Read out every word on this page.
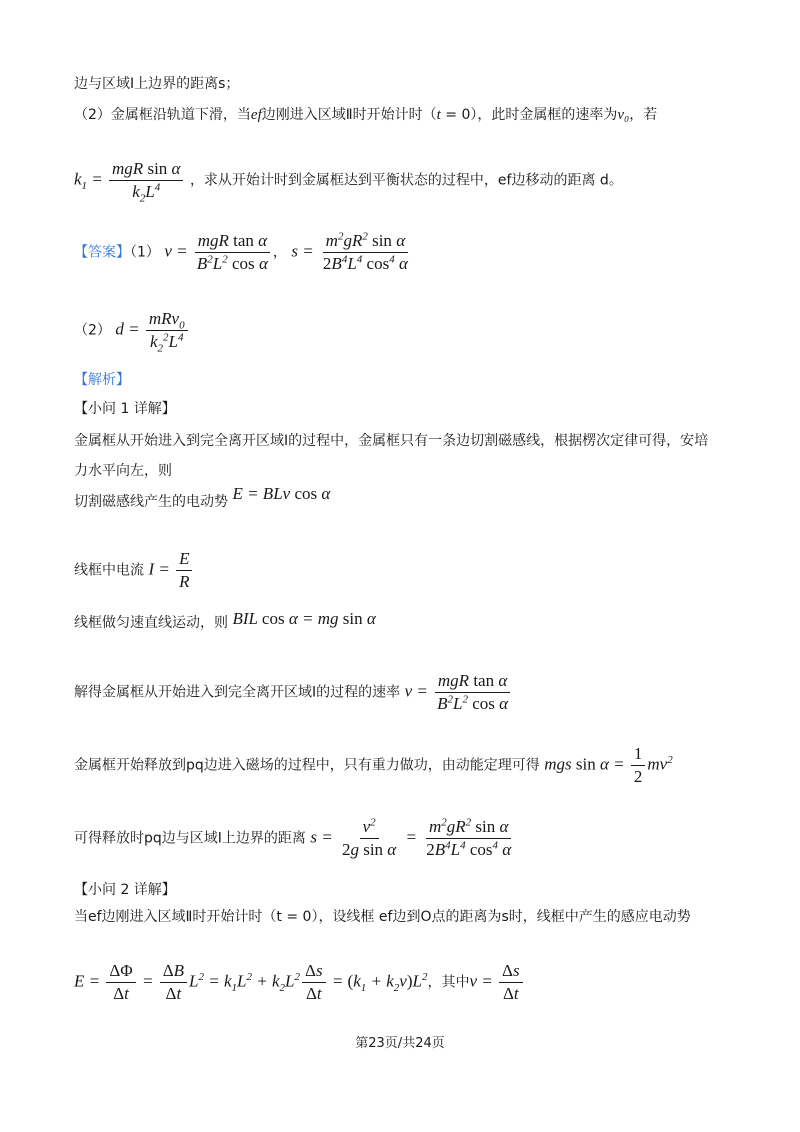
边与区域Ⅰ上边界的距离s；
（2）金属框沿轨道下滑，当ef边刚进入区域Ⅱ时开始计时（t = 0），此时金属框的速率为v₀，若
$k_1 = \frac{\text{mgR sin α}}{k_2L^4}$ ，求从开始计时到金属框达到平衡状态的过程中，ef边移动的距离 d。
【答案】（1） $v = \frac{\text{mgR tan α}}{B^2L^2 \cos \alpha}$ ， $s = \frac{m^2gR^2 \sin \alpha}{2B^4L^4 \cos^4 \alpha}$
（2） $d = \frac{mRv_0}{k_2^2L^4}$
【解析】
【小问 1 详解】
金属框从开始进入到完全离开区域Ⅰ的过程中，金属框只有一条边切割磁感线，根据楞次定律可得，安培
力水平向左，则
切割磁感线产生的电动势 E = BLv cos α
线框中电流 $I = \frac{E}{R}$
线框做匀速直线运动，则 BIL cos α = mg sin α
解得金属框从开始进入到完全离开区域Ⅰ的过程的速率 $v = \frac{\text{mgR tan α}}{B^2L^2 \cos \alpha}$
金属框开始释放到pq边进入磁场的过程中，只有重力做功，由动能定理可得 mgs $\sin \alpha = \frac{1}{2} mv^2$
可得释放时pq边与区域Ⅰ上边界的距离 $s = \frac{v^2}{\text{2g sin α}} = \frac{m^2gR^2 \sin \alpha}{2B^4L^4 \cos^4 \alpha}$
【小问 2 详解】
当ef边刚进入区域Ⅱ时开始计时（t = 0），设线框 ef边到O点的距离为s时，线框中产生的感应电动势
$E = \frac{\Delta\Phi}{\Delta t} = \frac{\Delta B}{\Delta t} L^2 = k_1L^2 + k_2L^2 \frac{\Delta s}{\Delta t} = (k_1 + k_2v)L^2$，其中$v = \frac{\Delta s}{\Delta t}$
第23页/共24页
